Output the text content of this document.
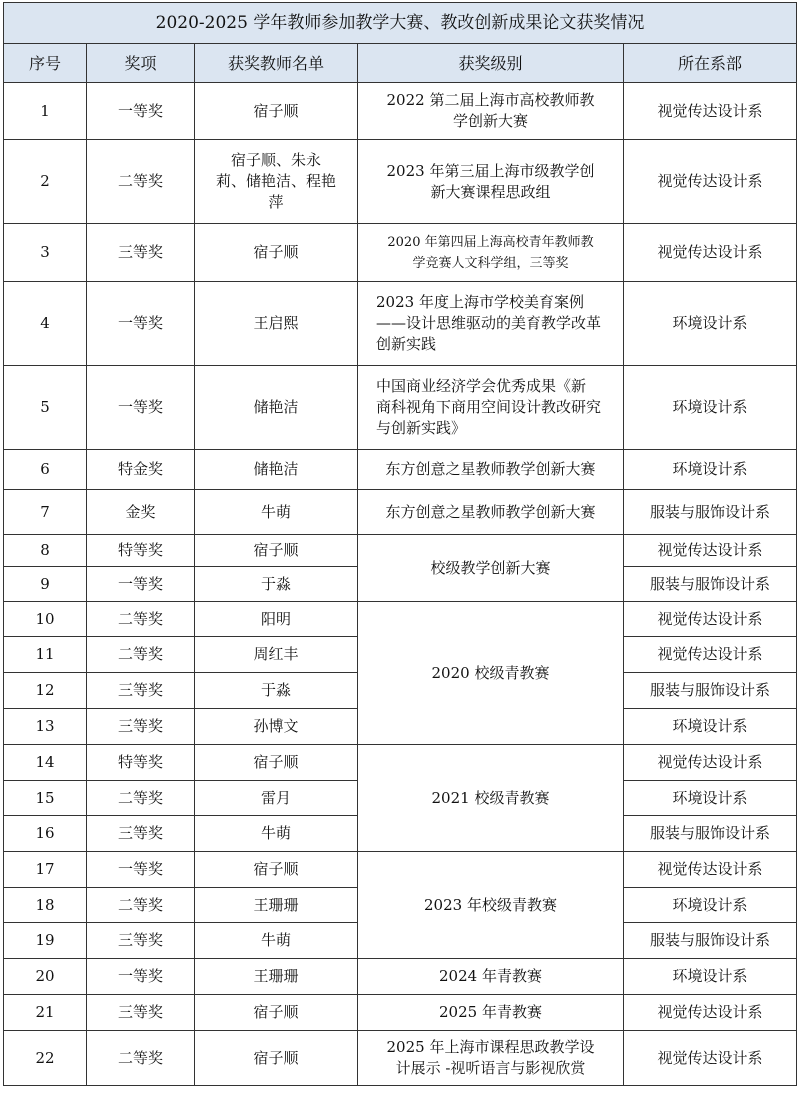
2020-2025 学年教师参加教学大赛、教改创新成果论文获奖情况				
序号	奖项	获奖教师名单	获奖级别	所在系部
1	一等奖	宿子顺	2022 第二届上海市高校教师教
学创新大赛	视觉传达设计系
2	二等奖	宿子顺、朱永
莉、储艳洁、程艳
萍	2023 年第三届上海市级教学创
新大赛课程思政组	视觉传达设计系
3	三等奖	宿子顺	2020 年第四届上海高校青年教师教
学竞赛人文科学组，三等奖	视觉传达设计系
4	一等奖	王启熙	2023 年度上海市学校美育案例
——设计思维驱动的美育教学改革
创新实践	环境设计系
5	一等奖	储艳洁	中国商业经济学会优秀成果《新
商科视角下商用空间设计教改研究
与创新实践》	环境设计系
6	特金奖	储艳洁	东方创意之星教师教学创新大赛	环境设计系
7	金奖	牛萌	东方创意之星教师教学创新大赛	服装与服饰设计系
8	特等奖	宿子顺	校级教学创新大赛	视觉传达设计系
9	一等奖	于淼		服装与服饰设计系
10	二等奖	阳明	2020 校级青教赛	视觉传达设计系
11	二等奖	周红丰		视觉传达设计系
12	三等奖	于淼		服装与服饰设计系
13	三等奖	孙博文		环境设计系
14	特等奖	宿子顺	2021 校级青教赛	视觉传达设计系
15	二等奖	雷月		环境设计系
16	三等奖	牛萌		服装与服饰设计系
17	一等奖	宿子顺	2023 年校级青教赛	视觉传达设计系
18	二等奖	王珊珊		环境设计系
19	三等奖	牛萌		服装与服饰设计系
20	一等奖	王珊珊	2024 年青教赛	环境设计系
21	三等奖	宿子顺	2025 年青教赛	视觉传达设计系
22	二等奖	宿子顺	2025 年上海市课程思政教学设
计展示 -视听语言与影视欣赏	视觉传达设计系
